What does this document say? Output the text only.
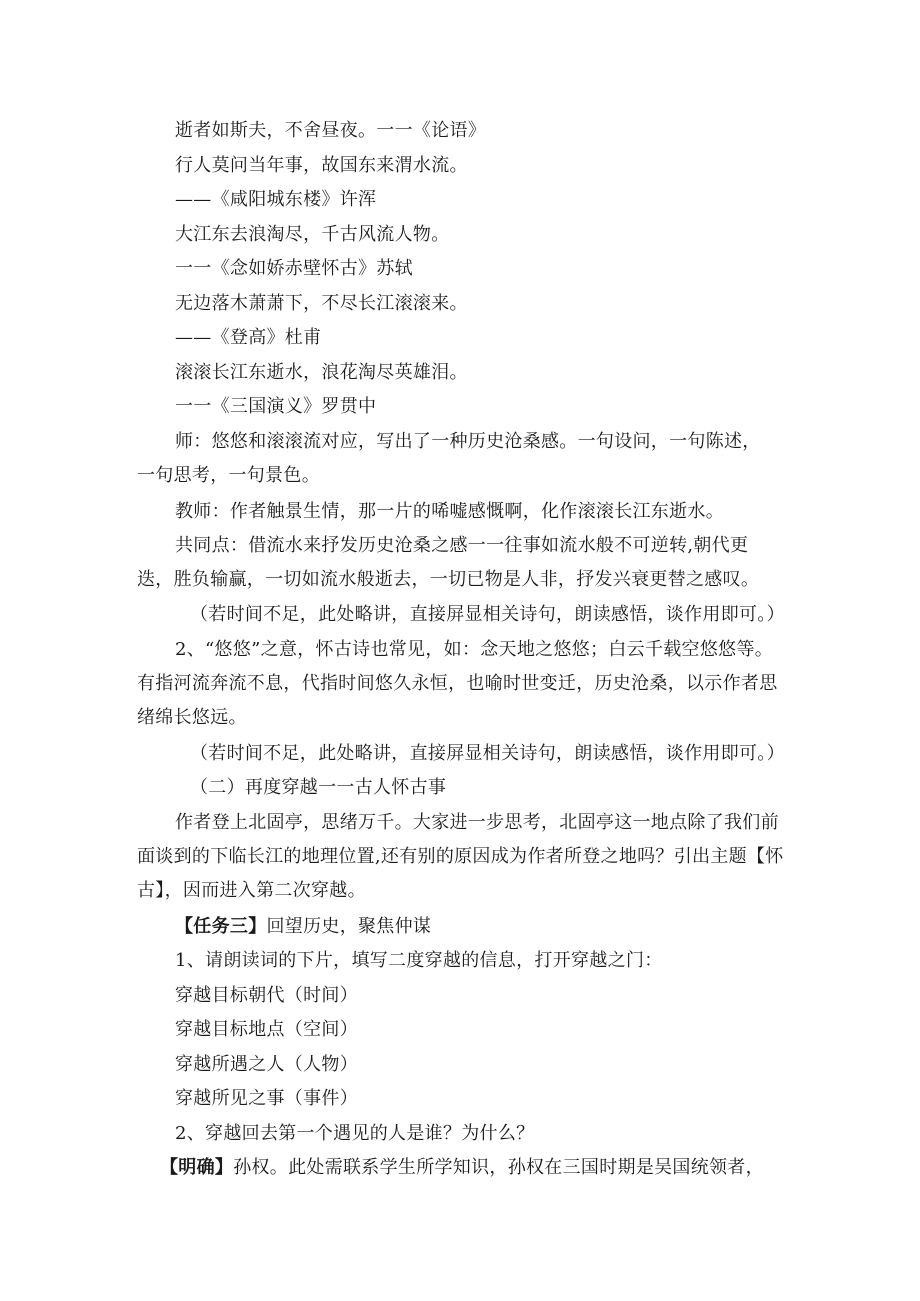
逝者如斯夫，不舍昼夜。一一《论语》
行人莫问当年事，故国东来渭水流。
——《咸阳城东楼》许浑
大江东去浪淘尽，千古风流人物。
一一《念如娇赤壁怀古》苏轼
无边落木萧萧下，不尽长江滚滚来。
——《登高》杜甫
滚滚长江东逝水，浪花淘尽英雄泪。
一一《三国演义》罗贯中
师：悠悠和滚滚流对应，写出了一种历史沧桑感。一句设问，一句陈述，
一句思考，一句景色。
教师：作者触景生情，那一片的唏嘘感慨啊，化作滚滚长江东逝水。
共同点：借流水来抒发历史沧桑之感一一往事如流水般不可逆转,朝代更
迭，胜负输赢，一切如流水般逝去，一切已物是人非，抒发兴衰更替之感叹。
（若时间不足，此处略讲，直接屏显相关诗句，朗读感悟，谈作用即可。）
2、“悠悠”之意，怀古诗也常见，如：念天地之悠悠；白云千载空悠悠等。
有指河流奔流不息，代指时间悠久永恒，也喻时世变迁，历史沧桑，以示作者思
绪绵长悠远。
（若时间不足，此处略讲，直接屏显相关诗句，朗读感悟，谈作用即可。）
（二）再度穿越一一古人怀古事
作者登上北固亭，思绪万千。大家进一步思考，北固亭这一地点除了我们前
面谈到的下临长江的地理位置,还有别的原因成为作者所登之地吗？引出主题【怀
古】，因而进入第二次穿越。
【任务三】回望历史，聚焦仲谋
1、请朗读词的下片，填写二度穿越的信息，打开穿越之门：
穿越目标朝代（时间）
穿越目标地点（空间）
穿越所遇之人（人物）
穿越所见之事（事件）
2、穿越回去第一个遇见的人是谁？为什么？
【明确】孙权。此处需联系学生所学知识，孙权在三国时期是吴国统领者，
